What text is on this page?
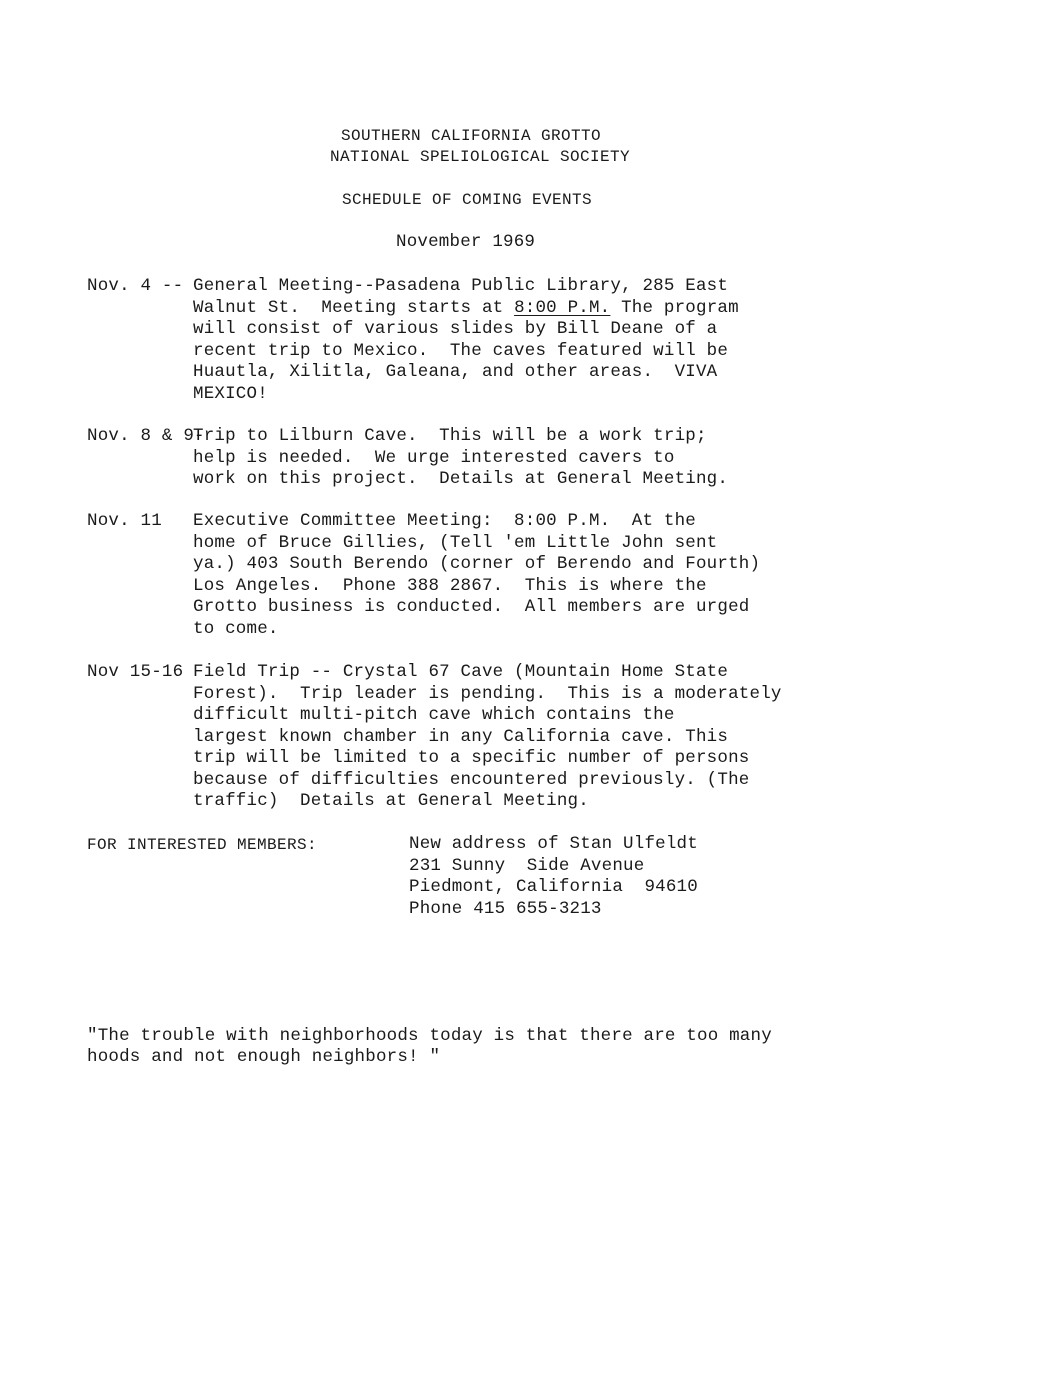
SOUTHERN CALIFORNIA GROTTO
NATIONAL SPELIOLOGICAL SOCIETY
SCHEDULE OF COMING EVENTS
November 1969
Nov. 4 -- General Meeting--Pasadena Public Library, 285 East
Walnut St.  Meeting starts at 8:00 P.M. The program
will consist of various slides by Bill Deane of a
recent trip to Mexico.  The caves featured will be
Huautla, Xilitla, Galeana, and other areas.  VIVA
MEXICO!
Nov. 8 & 9-
Trip to Lilburn Cave.  This will be a work trip;
help is needed.  We urge interested cavers to
work on this project.  Details at General Meeting.
Nov. 11 Executive Committee Meeting:  8:00 P.M.  At the
home of Bruce Gillies, (Tell 'em Little John sent
ya.) 403 South Berendo (corner of Berendo and Fourth)
Los Angeles.  Phone 388 2867.  This is where the
Grotto business is conducted.  All members are urged
to come.
Nov 15-16 Field Trip -- Crystal 67 Cave (Mountain Home State
Forest).  Trip leader is pending.  This is a moderately
difficult multi-pitch cave which contains the
largest known chamber in any California cave. This
trip will be limited to a specific number of persons
because of difficulties encountered previously. (The
traffic)  Details at General Meeting.
FOR INTERESTED MEMBERS:	New address of Stan Ulfeldt
231 Sunny  Side Avenue
Piedmont, California  94610
Phone 415 655-3213
"The trouble with neighborhoods today is that there are too many
hoods and not enough neighbors! "
